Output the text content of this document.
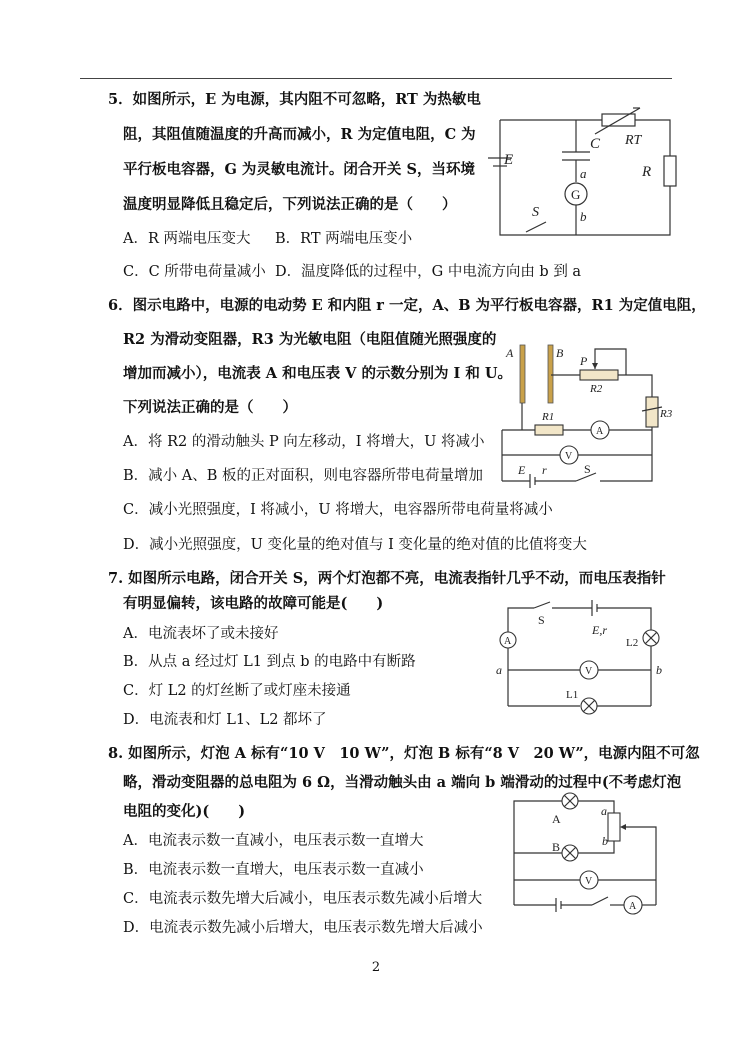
5．如图所示，E 为电源，其内阻不可忽略，RT 为热敏电
阻，其阻值随温度的升高而减小，R 为定值电阻，C 为
平行板电容器，G 为灵敏电流计。闭合开关 S，当环境
温度明显降低且稳定后，下列说法正确的是（　　）
A．R 两端电压变大 B．RT 两端电压变小
C．C 所带电荷量减小 D．温度降低的过程中，G 中电流方向由 b 到 a
E
C RT
R
G
a
b
S
6．图示电路中，电源的电动势 E 和内阻 r 一定，A、B 为平行板电容器，R1 为定值电阻，
R2 为滑动变阻器，R3 为光敏电阻（电阻值随光照强度的
增加而减小），电流表 A 和电压表 V 的示数分别为 I 和 U。
下列说法正确的是（　　）
A．将 R2 的滑动触头 P 向左移动，I 将增大，U 将减小
B．减小 A、B 板的正对面积，则电容器所带电荷量增加
C．减小光照强度，I 将减小，U 将增大，电容器所带电荷量将减小
D．减小光照强度，U 变化量的绝对值与 I 变化量的绝对值的比值将变大
A	B
P
R2
R3
R1
A
V
E r	S
7. 如图所示电路，闭合开关 S，两个灯泡都不亮，电流表指针几乎不动，而电压表指针
有明显偏转，该电路的故障可能是(　　)
A．电流表坏了或未接好
B．从点 a 经过灯 L1 到点 b 的电路中有断路
C．灯 L2 的灯丝断了或灯座未接通
D．电流表和灯 L1、L2 都坏了
S
E,r
A	L2
a	b
V
L1
8. 如图所示，灯泡 A 标有“10 V　10 W”，灯泡 B 标有“8 V　20 W”，电源内阻不可忽
略，滑动变阻器的总电阻为 6 Ω，当滑动触头由 a 端向 b 端滑动的过程中(不考虑灯泡
电阻的变化)(　　)
A．电流表示数一直减小，电压表示数一直增大
B．电流表示数一直增大，电压表示数一直减小
C．电流表示数先增大后减小，电压表示数先减小后增大
D．电流表示数先减小后增大，电压表示数先增大后减小
A
B
a
b
V
A
2
